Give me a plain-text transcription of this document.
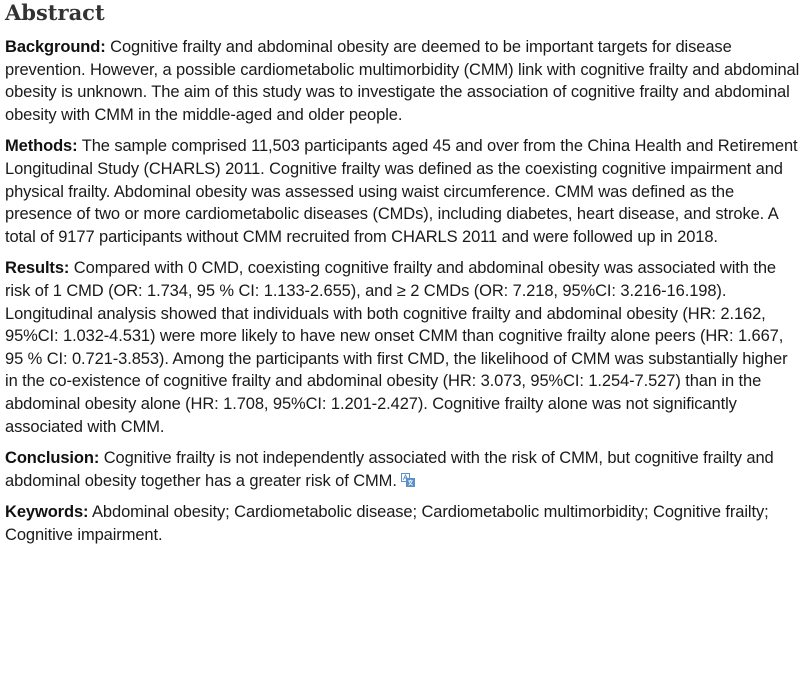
Abstract

Background: Cognitive frailty and abdominal obesity are deemed to be important targets for disease prevention. However, a possible cardiometabolic multimorbidity (CMM) link with cognitive frailty and abdominal obesity is unknown. The aim of this study was to investigate the association of cognitive frailty and abdominal obesity with CMM in the middle-aged and older people.

Methods: The sample comprised 11,503 participants aged 45 and over from the China Health and Retirement Longitudinal Study (CHARLS) 2011. Cognitive frailty was defined as the coexisting cognitive impairment and physical frailty. Abdominal obesity was assessed using waist circumference. CMM was defined as the presence of two or more cardiometabolic diseases (CMDs), including diabetes, heart disease, and stroke. A total of 9177 participants without CMM recruited from CHARLS 2011 and were followed up in 2018.

Results: Compared with 0 CMD, coexisting cognitive frailty and abdominal obesity was associated with the risk of 1 CMD (OR: 1.734, 95 % CI: 1.133-2.655), and ≥ 2 CMDs (OR: 7.218, 95%CI: 3.216-16.198). Longitudinal analysis showed that individuals with both cognitive frailty and abdominal obesity (HR: 2.162, 95%CI: 1.032-4.531) were more likely to have new onset CMM than cognitive frailty alone peers (HR: 1.667, 95 % CI: 0.721-3.853). Among the participants with first CMD, the likelihood of CMM was substantially higher in the co-existence of cognitive frailty and abdominal obesity (HR: 3.073, 95%CI: 1.254-7.527) than in the abdominal obesity alone (HR: 1.708, 95%CI: 1.201-2.427). Cognitive frailty alone was not significantly associated with CMM.

Conclusion: Cognitive frailty is not independently associated with the risk of CMM, but cognitive frailty and abdominal obesity together has a greater risk of CMM.

Keywords: Abdominal obesity; Cardiometabolic disease; Cardiometabolic multimorbidity; Cognitive frailty; Cognitive impairment.
